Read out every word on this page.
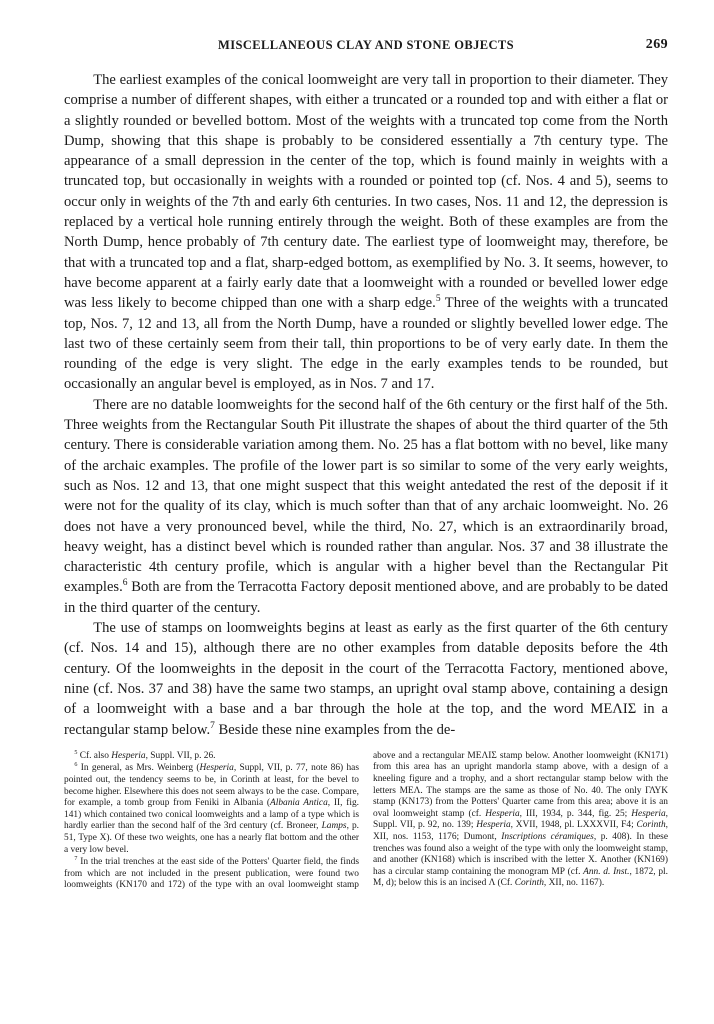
MISCELLANEOUS CLAY AND STONE OBJECTS	269

The earliest examples of the conical loomweight are very tall in proportion to their diameter. They comprise a number of different shapes, with either a truncated or a rounded top and with either a flat or a slightly rounded or bevelled bottom. Most of the weights with a truncated top come from the North Dump, showing that this shape is probably to be considered essentially a 7th century type. The appearance of a small depression in the center of the top, which is found mainly in weights with a truncated top, but occasionally in weights with a rounded or pointed top (cf. Nos. 4 and 5), seems to occur only in weights of the 7th and early 6th centuries. In two cases, Nos. 11 and 12, the depression is replaced by a vertical hole running entirely through the weight. Both of these examples are from the North Dump, hence probably of 7th century date. The earliest type of loomweight may, therefore, be that with a truncated top and a flat, sharp-edged bottom, as exemplified by No. 3. It seems, however, to have become apparent at a fairly early date that a loomweight with a rounded or bevelled lower edge was less likely to become chipped than one with a sharp edge.$^5$ Three of the weights with a truncated top, Nos. 7, 12 and 13, all from the North Dump, have a rounded or slightly bevelled lower edge. The last two of these certainly seem from their tall, thin proportions to be of very early date. In them the rounding of the edge is very slight. The edge in the early examples tends to be rounded, but occasionally an angular bevel is employed, as in Nos. 7 and 17.

There are no datable loomweights for the second half of the 6th century or the first half of the 5th. Three weights from the Rectangular South Pit illustrate the shapes of about the third quarter of the 5th century. There is considerable variation among them. No. 25 has a flat bottom with no bevel, like many of the archaic examples. The profile of the lower part is so similar to some of the very early weights, such as Nos. 12 and 13, that one might suspect that this weight antedated the rest of the deposit if it were not for the quality of its clay, which is much softer than that of any archaic loomweight. No. 26 does not have a very pronounced bevel, while the third, No. 27, which is an extraordinarily broad, heavy weight, has a distinct bevel which is rounded rather than angular. Nos. 37 and 38 illustrate the characteristic 4th century profile, which is angular with a higher bevel than the Rectangular Pit examples.$^6$ Both are from the Terracotta Factory deposit mentioned above, and are probably to be dated in the third quarter of the century.

The use of stamps on loomweights begins at least as early as the first quarter of the 6th century (cf. Nos. 14 and 15), although there are no other examples from datable deposits before the 4th century. Of the loomweights in the deposit in the court of the Terracotta Factory, mentioned above, nine (cf. Nos. 37 and 38) have the same two stamps, an upright oval stamp above, containing a design of a loomweight with a base and a bar through the hole at the top, and the word ΜΕΛΙΣ in a rectangular stamp below.$^7$ Beside these nine examples from the de-

$^5$ Cf. also Hesperia, Suppl. VII, p. 26.

$^6$ In general, as Mrs. Weinberg (Hesperia, Suppl, VII, p. 77, note 86) has pointed out, the tendency seems to be, in Corinth at least, for the bevel to become higher. Elsewhere this does not seem always to be the case. Compare, for example, a tomb group from Feniki in Albania (Albania Antica, II, fig. 141) which contained two conical loomweights and a lamp of a type which is hardly earlier than the second half of the 3rd century (cf. Broneer, Lamps, p. 51, Type X). Of these two weights, one has a nearly flat bottom and the other a very low bevel.

$^7$ In the trial trenches at the east side of the Potters' Quarter field, the finds from which are not included in the present publication, were found two loomweights (KN170 and 172) of the type with an oval loomweight stamp above and a rectangular ΜΕΛΙΣ stamp below. Another loomweight (KN171) from this area has an upright mandorla stamp above, with a design of a kneeling figure and a trophy, and a short rectangular stamp below with the letters ΜΕΛ. The stamps are the same as those of No. 40. The only ΓΛΥΚ stamp (KN173) from the Potters' Quarter came from this area; above it is an oval loomweight stamp (cf. Hesperia, III, 1934, p. 344, fig. 25; Hesperia, Suppl. VII, p. 92, no. 139; Hesperia, XVII, 1948, pl. LXXXVII, F4; Corinth, XII, nos. 1153, 1176; Dumont, Inscriptions céramiques, p. 408). In these trenches was found also a weight of the type with only the loomweight stamp, and another (KN168) which is inscribed with the letter Χ. Another (KN169) has a circular stamp containing the monogram ΜΡ (cf. Ann. d. Inst., 1872, pl. M, d); below this is an incised Λ (Cf. Corinth, XII, no. 1167).
